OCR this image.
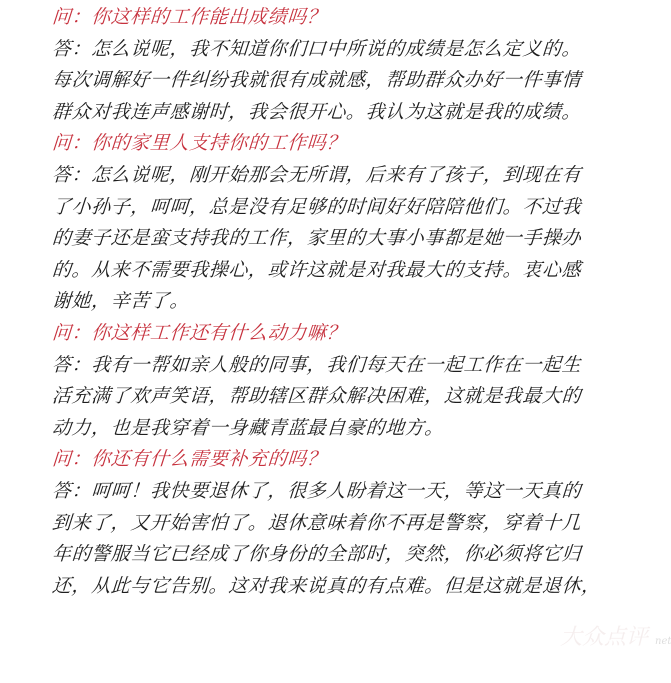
问：你这样的工作能出成绩吗？
答：怎么说呢，我不知道你们口中所说的成绩是怎么定义的。
每次调解好一件纠纷我就很有成就感，帮助群众办好一件事情
群众对我连声感谢时，我会很开心。我认为这就是我的成绩。
问：你的家里人支持你的工作吗？
答：怎么说呢，刚开始那会无所谓，后来有了孩子，到现在有
了小孙子，呵呵，总是没有足够的时间好好陪陪他们。不过我
的妻子还是蛮支持我的工作，家里的大事小事都是她一手操办
的。从来不需要我操心，或许这就是对我最大的支持。衷心感
谢她，辛苦了。
问：你这样工作还有什么动力嘛？
答：我有一帮如亲人般的同事，我们每天在一起工作在一起生
活充满了欢声笑语，帮助辖区群众解决困难，这就是我最大的
动力，也是我穿着一身藏青蓝最自豪的地方。
问：你还有什么需要补充的吗？
答：呵呵！我快要退休了，很多人盼着这一天，等这一天真的
到来了，又开始害怕了。退休意味着你不再是警察，穿着十几
年的警服当它已经成了你身份的全部时，突然，你必须将它归
还，从此与它告别。这对我来说真的有点难。但是这就是退休，
大众点评 net
